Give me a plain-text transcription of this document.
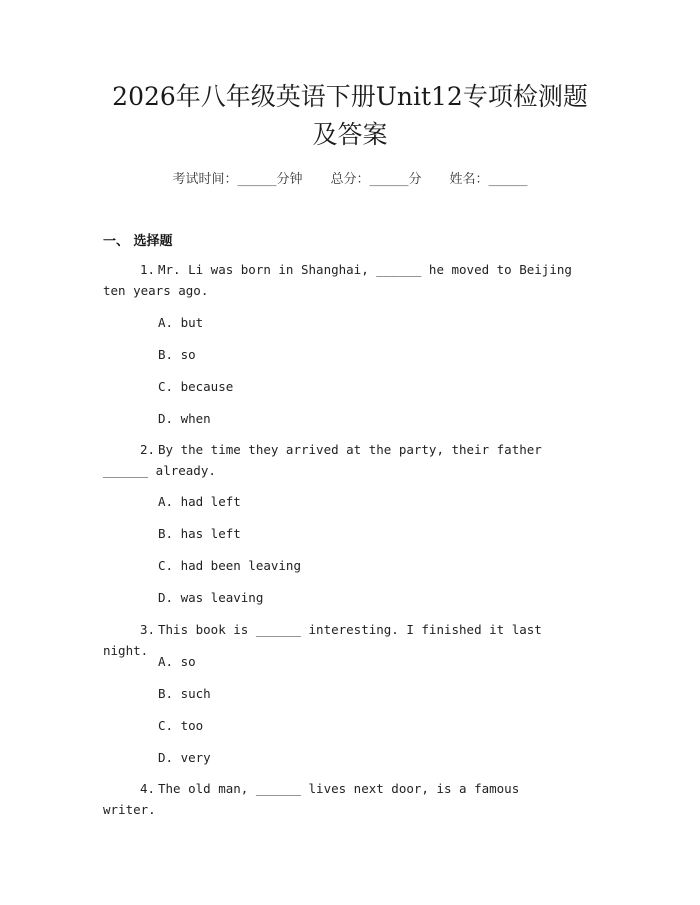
2026年八年级英语下册Unit12专项检测题
及答案
考试时间：______分钟 总分：______分 姓名：______
一、 选择题
1. Mr. Li was born in Shanghai, ______ he moved to Beijing ten years ago.
A. but
B. so
C. because
D. when
2. By the time they arrived at the party, their father ______ already.
A. had left
B. has left
C. had been leaving
D. was leaving
3. This book is ______ interesting. I finished it last night.
A. so
B. such
C. too
D. very
4. The old man, ______ lives next door, is a famous writer.
